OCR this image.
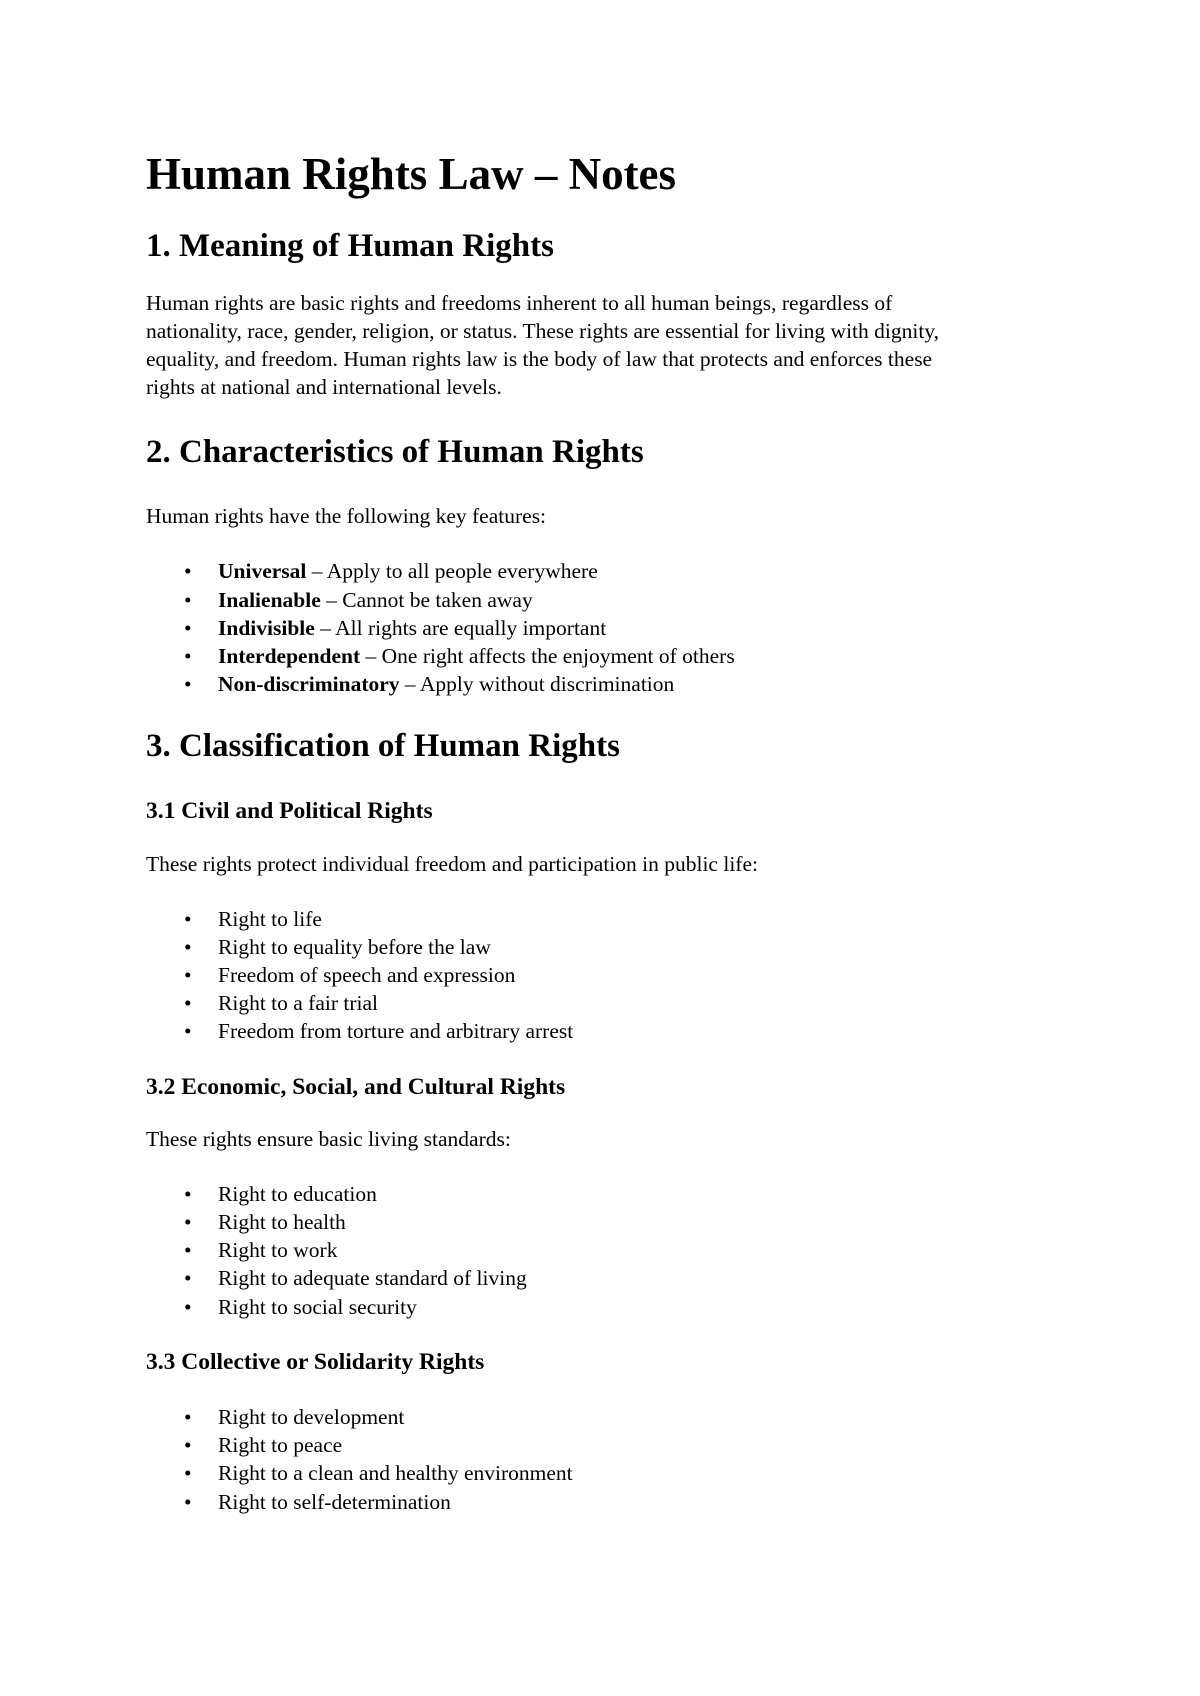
Human Rights Law – Notes
1. Meaning of Human Rights

Human rights are basic rights and freedoms inherent to all human beings, regardless of
nationality, race, gender, religion, or status. These rights are essential for living with dignity,
equality, and freedom. Human rights law is the body of law that protects and enforces these
rights at national and international levels.

2. Characteristics of Human Rights

Human rights have the following key features:

• Universal – Apply to all people everywhere
• Inalienable – Cannot be taken away
• Indivisible – All rights are equally important
• Interdependent – One right affects the enjoyment of others
• Non-discriminatory – Apply without discrimination
3. Classification of Human Rights
3.1 Civil and Political Rights

These rights protect individual freedom and participation in public life:

• Right to life
• Right to equality before the law
• Freedom of speech and expression
• Right to a fair trial
• Freedom from torture and arbitrary arrest
3.2 Economic, Social, and Cultural Rights

These rights ensure basic living standards:

• Right to education
• Right to health
• Right to work
• Right to adequate standard of living
• Right to social security
3.3 Collective or Solidarity Rights
• Right to development
• Right to peace
• Right to a clean and healthy environment
• Right to self-determination
